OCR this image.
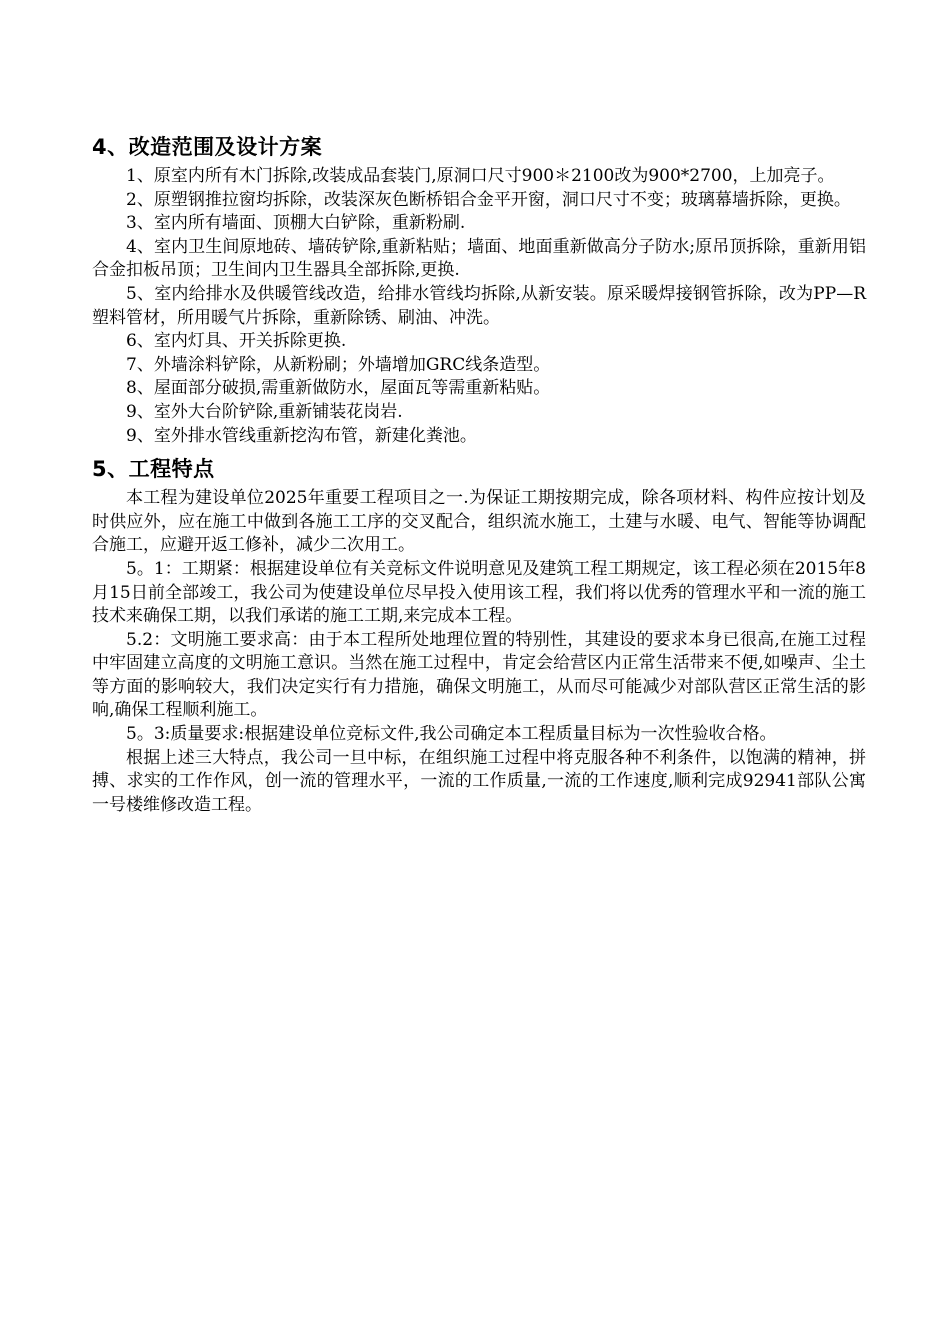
4、改造范围及设计方案

1、原室内所有木门拆除,改装成品套装门,原洞口尺寸900＊2100改为900*2700，上加亮子。

2、原塑钢推拉窗均拆除，改装深灰色断桥铝合金平开窗，洞口尺寸不变；玻璃幕墙拆除，更换。

3、室内所有墙面、顶棚大白铲除，重新粉刷.

4、室内卫生间原地砖、墙砖铲除,重新粘贴；墙面、地面重新做高分子防水;原吊顶拆除，重新用铝合金扣板吊顶；卫生间内卫生器具全部拆除,更换.

5、室内给排水及供暖管线改造，给排水管线均拆除,从新安装。原采暖焊接钢管拆除，改为PP—R塑料管材，所用暖气片拆除，重新除锈、刷油、冲洗。

6、室内灯具、开关拆除更换.

7、外墙涂料铲除，从新粉刷；外墙增加GRC线条造型。

8、屋面部分破损,需重新做防水，屋面瓦等需重新粘贴。

9、室外大台阶铲除,重新铺装花岗岩.

9、室外排水管线重新挖沟布管，新建化粪池。

5、工程特点

本工程为建设单位2025年重要工程项目之一.为保证工期按期完成，除各项材料、构件应按计划及时供应外，应在施工中做到各施工工序的交叉配合，组织流水施工，土建与水暖、电气、智能等协调配合施工，应避开返工修补，减少二次用工。

5。1：工期紧：根据建设单位有关竞标文件说明意见及建筑工程工期规定，该工程必须在2015年8月15日前全部竣工，我公司为使建设单位尽早投入使用该工程，我们将以优秀的管理水平和一流的施工技术来确保工期，以我们承诺的施工工期,来完成本工程。

5.2：文明施工要求高：由于本工程所处地理位置的特别性，其建设的要求本身已很高,在施工过程中牢固建立高度的文明施工意识。当然在施工过程中，肯定会给营区内正常生活带来不便,如噪声、尘土等方面的影响较大，我们决定实行有力措施，确保文明施工，从而尽可能减少对部队营区正常生活的影响,确保工程顺利施工。

5。3:质量要求:根据建设单位竞标文件,我公司确定本工程质量目标为一次性验收合格。

根据上述三大特点，我公司一旦中标，在组织施工过程中将克服各种不利条件，以饱满的精神，拼搏、求实的工作作风，创一流的管理水平，一流的工作质量,一流的工作速度,顺利完成92941部队公寓一号楼维修改造工程。
